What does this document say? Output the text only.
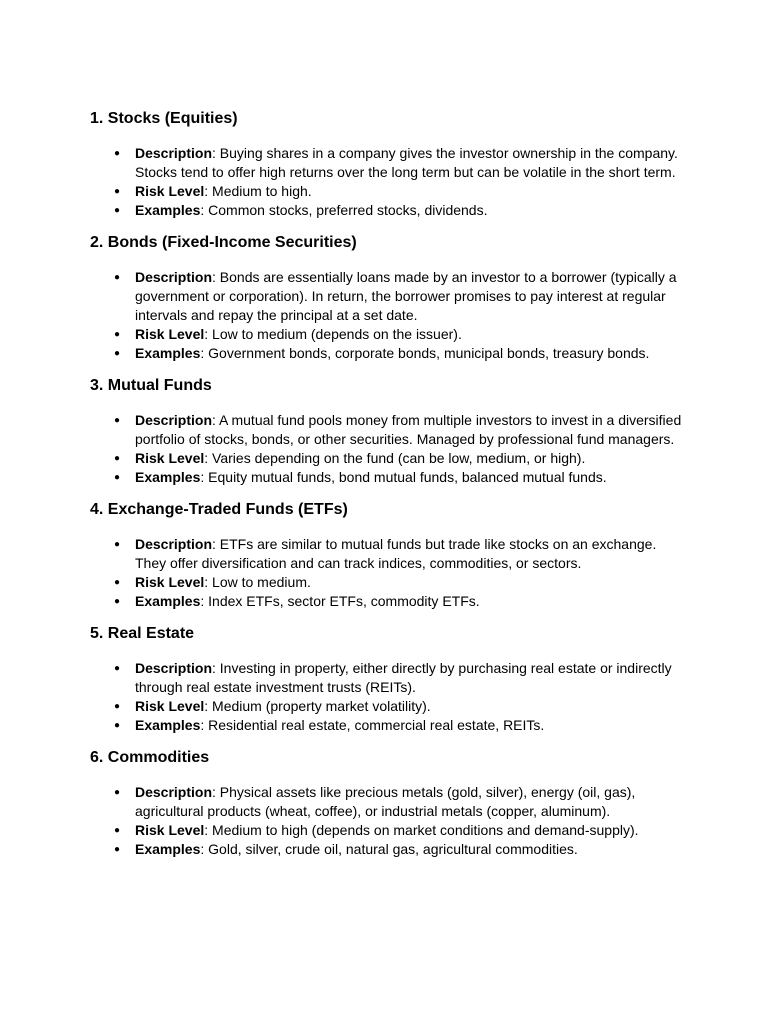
1. Stocks (Equities)
● Description: Buying shares in a company gives the investor ownership in the company. Stocks tend to offer high returns over the long term but can be volatile in the short term.
● Risk Level: Medium to high.
● Examples: Common stocks, preferred stocks, dividends.
2. Bonds (Fixed-Income Securities)
● Description: Bonds are essentially loans made by an investor to a borrower (typically a government or corporation). In return, the borrower promises to pay interest at regular intervals and repay the principal at a set date.
● Risk Level: Low to medium (depends on the issuer).
● Examples: Government bonds, corporate bonds, municipal bonds, treasury bonds.
3. Mutual Funds
● Description: A mutual fund pools money from multiple investors to invest in a diversified portfolio of stocks, bonds, or other securities. Managed by professional fund managers.
● Risk Level: Varies depending on the fund (can be low, medium, or high).
● Examples: Equity mutual funds, bond mutual funds, balanced mutual funds.
4. Exchange-Traded Funds (ETFs)
● Description: ETFs are similar to mutual funds but trade like stocks on an exchange. They offer diversification and can track indices, commodities, or sectors.
● Risk Level: Low to medium.
● Examples: Index ETFs, sector ETFs, commodity ETFs.
5. Real Estate
● Description: Investing in property, either directly by purchasing real estate or indirectly through real estate investment trusts (REITs).
● Risk Level: Medium (property market volatility).
● Examples: Residential real estate, commercial real estate, REITs.
6. Commodities
● Description: Physical assets like precious metals (gold, silver), energy (oil, gas), agricultural products (wheat, coffee), or industrial metals (copper, aluminum).
● Risk Level: Medium to high (depends on market conditions and demand-supply).
● Examples: Gold, silver, crude oil, natural gas, agricultural commodities.
